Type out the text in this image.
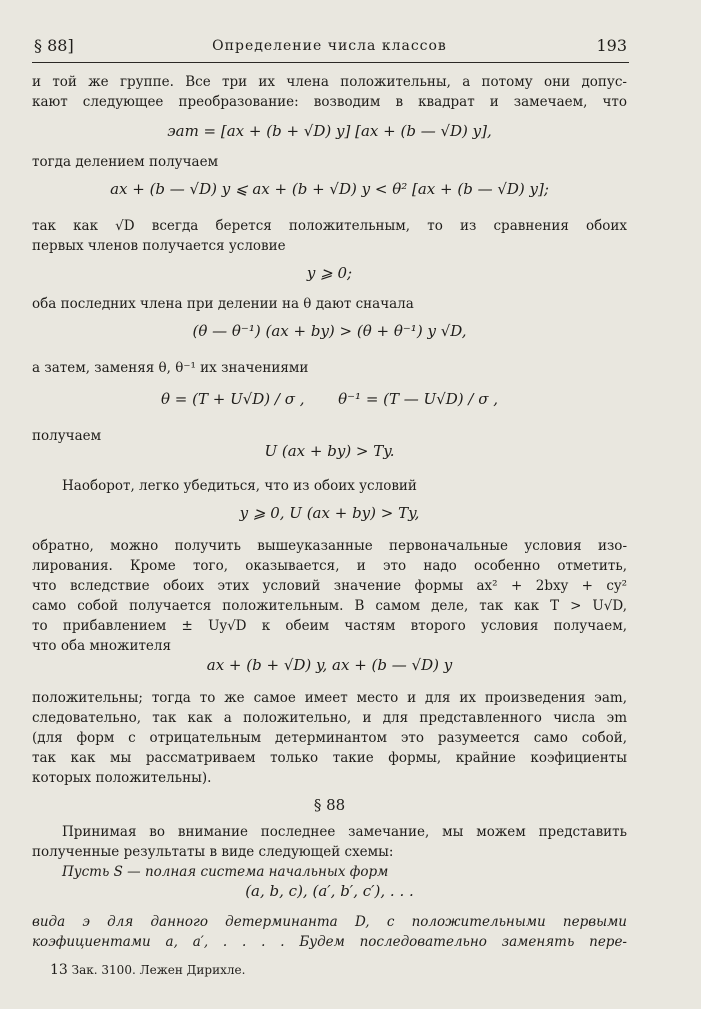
§ 88]	Определение числа классов	193
и той же группе. Все три их члена положительны, а потому они допус-
кают следующее преобразование: возводим в квадрат и замечаем, что
эam = [ax + (b + √D) y] [ax + (b — √D) y],
тогда делением получаем
ax + (b — √D) y ⩽ ax + (b + √D) y < θ² [ax + (b — √D) y];
так как √D всегда берется положительным, то из сравнения обоих
первых членов получается условие
y ⩾ 0;
оба последних члена при делении на θ дают сначала
(θ — θ⁻¹) (ax + by) > (θ + θ⁻¹) y √D,
а затем, заменяя θ, θ⁻¹ их значениями
θ = (T + U√D) / σ , θ⁻¹ = (T — U√D) / σ ,
получаем
U (ax + by) > Ty.
Наоборот, легко убедиться, что из обоих условий
y ⩾ 0, U (ax + by) > Ty,
обратно, можно получить вышеуказанные первоначальные условия изо-
лирования. Кроме того, оказывается, и это надо особенно отметить,
что вследствие обоих этих условий значение формы ax² + 2bxy + cy²
само собой получается положительным. В самом деле, так как T > U√D,
то прибавлением ± Uy√D к обеим частям второго условия получаем,
что оба множителя
ax + (b + √D) y, ax + (b — √D) y
положительны; тогда то же самое имеет место и для их произведения эam,
следовательно, так как a положительно, и для представленного числа эm
(для форм с отрицательным детерминантом это разумеется само собой,
так как мы рассматриваем только такие формы, крайние коэфициенты
которых положительны).
§ 88
Принимая во внимание последнее замечание, мы можем представить
полученные результаты в виде следующей схемы:
Пусть S — полная система начальных форм
(a, b, c), (a′, b′, c′), . . .
вида э для данного детерминанта D, с положительными первыми
коэфициентами a, a′, . . . . Будем последовательно заменять пере-
13 Зак. 3100. Лежен Дирихле.
